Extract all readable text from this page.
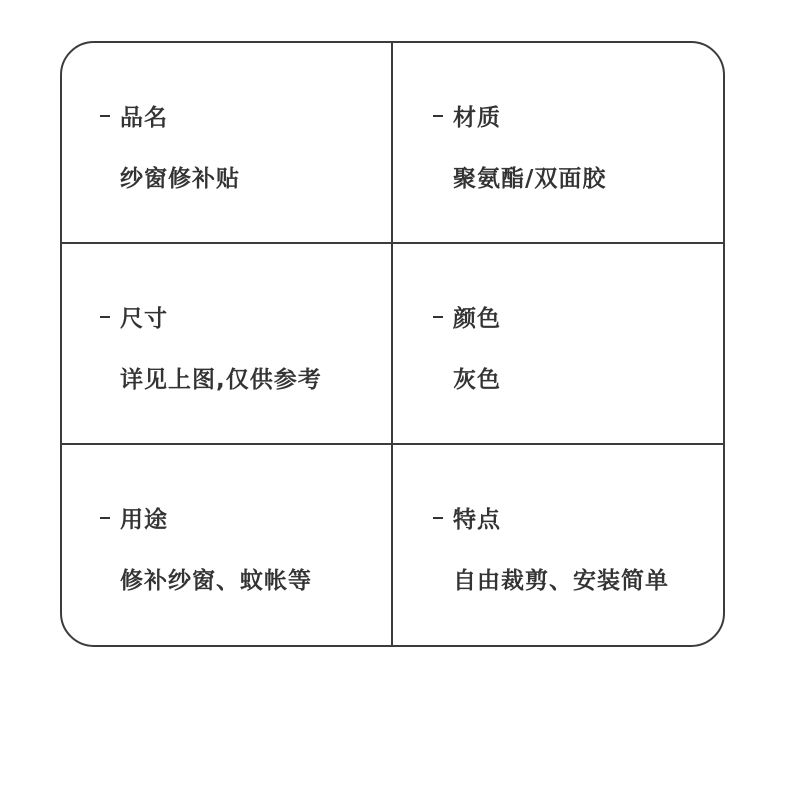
品名
纱窗修补贴
材质
聚氨酯/双面胶
尺寸
详见上图,仅供参考
颜色
灰色
用途
修补纱窗、蚊帐等
特点
自由裁剪、安装简单
